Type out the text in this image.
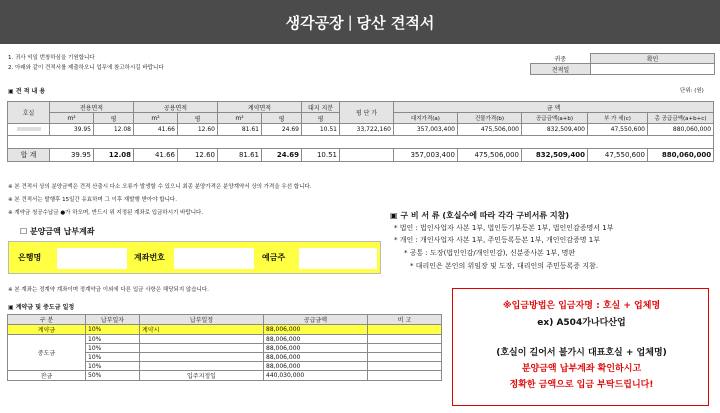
생각공장 | 당산 견적서
1. 귀사 익일 번창하심을 기원합니다
2. 아래와 같이 견적서를 제출하오니 업무에 참고하시길 바랍니다
귀중	확인
견적일	
▣ 견 적 내 용	단위: (원)
호실	전용면적		공용면적		계약면적		대지 지분	평 단 가	금 액				
	m²	평	m²	평	m²	평	평		대지가격(a)	건물가격(b)	공급금액(a+b)	부 가 세(c)	총 공급금액(a+b+c)
	39.95	12.08	41.66	12.60	81.61	24.69	10.51	33,722,160	357,003,400	475,506,000	832,509,400	47,550,600	880,060,000

합 계	39.95	12.08	41.66	12.60	81.61	24.69	10.51		357,003,400	475,506,000	832,509,400	47,550,600	880,060,000
※ 본 견적서 상의 분양금액은 견적 산출시 다소 오류가 발생할 수 있으니 최종 분양가격은 분양계약서 상의 가격을 우선 합니다.
※ 본 견적서는 발행후 15일간 유효하며 그 이후 재발행 받아야 합니다.
※ 계약금 청공수납금 ●가 하오며, 반드시 위 지정된 계좌로 입금하시기 바랍니다.
☐ 분양금액 납부계좌
은행명	계좌번호	예금주
▣ 구 비 서 류 (호실수에 따라 각각 구비서류 지참)
* 법인 : 법인사업자 사본 1부, 법인등기부등본 1부, 법인인감증명서 1부
* 개인 : 개인사업자 사본 1부, 주민등록등본 1부, 개인인감증명 1부
* 공통 : 도장(법인인감/개인인감), 신분증사본 1부, 명판
* 대리인은 본인의 위임장 및 도장, 대리인의 주민등록증 지참.
※ 본 계좌는 정계약 계좌이며 정계약금 이외에 다른 입금 사항은 해당되지 않습니다.
▣ 계약금 및 중도금 일정
구 분	납부일자	납부일정	공급금액	비 고
계약금	10%	계약시	88,006,000	
중도금	10%		88,006,000	
	10%		88,006,000	
	10%		88,006,000	
	10%		88,006,000	
잔금	50%	입주지정일	440,030,000	
※입금방법은 입금자명 : 호실 + 업체명
ex) A504가나다산업
(호실이 길어서 불가시 대표호실 + 업체명)
분양금액 납부계좌 확인하시고
정확한 금액으로 입금 부탁드립니다!
